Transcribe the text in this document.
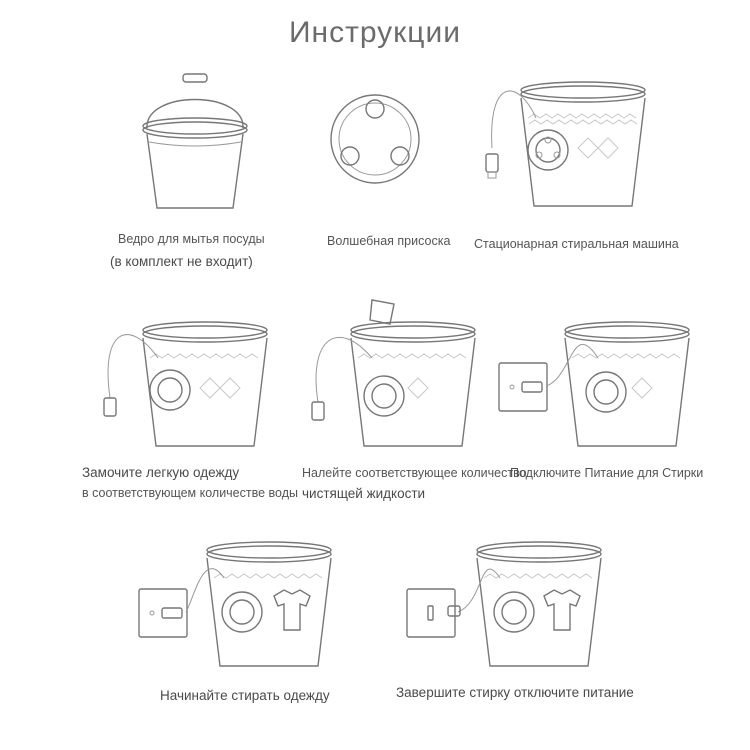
Инструкции
Ведро для мытья посуды
(в комплект не входит)
Волшебная присоска Стационарная стиральная машина
Замочите легкую одежду
в соответствующем количестве воды
Налейте соответствующее количество
чистящей жидкости
Подключите Питание для Стирки
Начинайте стирать одежду	Завершите стирку отключите питание
